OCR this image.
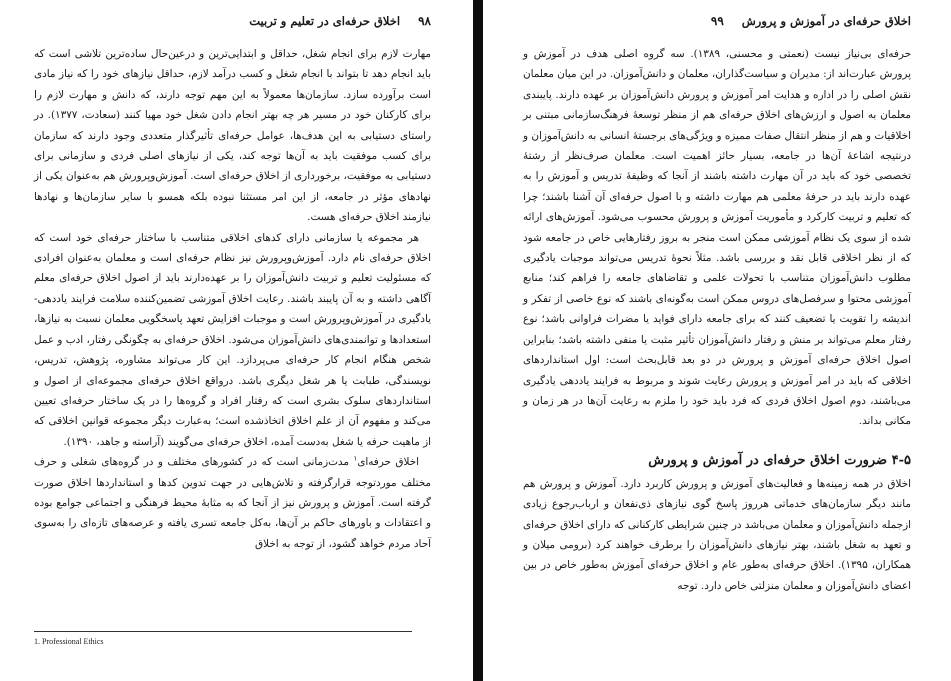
۹۸
اخلاق حرفه‌ای در تعلیم و تربیت

مهارت لازم برای انجام شغل، حداقل و ابتدایی‌ترین و درعین‌حال ساده‌ترین تلاشی است که باید انجام دهد تا بتواند با انجام شغل و کسب درآمد لازم، حداقل نیازهای خود را که نیاز مادی است برآورده سازد. سازمان‌ها معمولاً به این مهم توجه دارند، که دانش و مهارت لازم را برای کارکنان خود در مسیر هر چه بهتر انجام دادن شغل خود مهیا کنند (سعادت، ۱۳۷۷). در راستای دستیابی به این هدف‌ها، عوامل حرفه‌ای تأثیرگذار متعددی وجود دارند که سازمان برای کسب موفقیت باید به آن‌ها توجه کند، یکی از نیازهای اصلی فردی و سازمانی برای دستیابی به موفقیت، برخورداری از اخلاق حرفه‌ای است. آموزش‌وپرورش هم به‌عنوان یکی از نهادهای مؤثر در جامعه، از این امر مستثنا نبوده بلکه همسو با سایر سازمان‌ها و نهادها نیازمند اخلاق حرفه‌ای هست.

هر مجموعه یا سازمانی دارای کدهای اخلاقی متناسب با ساختار حرفه‌ای خود است که اخلاق حرفه‌ای نام دارد. آموزش‌وپرورش نیز نظام حرفه‌ای است و معلمان به‌عنوان افرادی که مسئولیت تعلیم و تربیت دانش‌آموزان را بر عهده‌دارند باید از اصول اخلاق حرفه‌ای معلم آگاهی داشته و به آن پایبند باشند. رعایت اخلاق آموزشی تضمین‌کننده سلامت فرایند یاددهی-یادگیری در آموزش‌وپرورش است و موجبات افزایش تعهد پاسخگویی معلمان نسبت به نیازها، استعدادها و توانمندی‌های دانش‌آموزان می‌شود. اخلاق حرفه‌ای به چگونگی رفتار، ادب و عمل شخص هنگام انجام کار حرفه‌ای می‌پردازد. این کار می‌تواند مشاوره، پژوهش، تدریس، نویسندگی، طبابت یا هر شغل دیگری باشد. درواقع اخلاق حرفه‌ای مجموعه‌ای از اصول و استانداردهای سلوک بشری است که رفتار افراد و گروه‌ها را در یک ساختار حرفه‌ای تعیین می‌کند و مفهوم آن از علم اخلاق اتخاذشده است؛ به‌عبارت دیگر مجموعه قوانین اخلاقی که از ماهیت حرفه یا شغل به‌دست آمده، اخلاق حرفه‌ای می‌گویند (آراسته و جاهد، ۱۳۹۰).

اخلاق حرفه‌ای$^۱$ مدت‌زمانی است که در کشورهای مختلف و در گروه‌های شغلی و حرف مختلف موردتوجه قرارگرفته و تلاش‌هایی در جهت تدوین کدها و استانداردها اخلاق صورت گرفته است. آموزش و پرورش نیز از آنجا که به مثابهٔ محیط فرهنگی و اجتماعی جوامع بوده و اعتقادات و باورهای حاکم بر آن‌ها، به‌کل جامعه تسری یافته و عرصه‌های تازه‌ای را به‌سوی آحاد مردم خواهد گشود، از توجه به اخلاق

1. Professional Ethics
اخلاق حرفه‌ای در آموزش و پرورش
۹۹

حرفه‌ای بی‌نیاز نیست (نعمتی و محسنی، ۱۳۸۹). سه گروه اصلی هدف در آموزش و پرورش عبارت‌اند از: مدیران و سیاست‌گذاران، معلمان و دانش‌آموزان. در این میان معلمان نقش اصلی را در اداره و هدایت امر آموزش و پرورش دانش‌آموزان بر عهده دارند. پایبندی معلمان به اصول و ارزش‌های اخلاق حرفه‌ای هم از منظر توسعهٔ فرهنگ‌سازمانی مبتنی بر اخلاقیات و هم از منظر انتقال صفات ممیزه و ویژگی‌های برجستهٔ انسانی به دانش‌آموزان و درنتیجه اشاعهٔ آن‌ها در جامعه، بسیار حائز اهمیت است. معلمان صرف‌نظر از رشتهٔ تخصصی خود که باید در آن مهارت داشته باشند از آنجا که وظیفهٔ تدریس و آموزش را به عهده دارند باید در حرفهٔ معلمی هم مهارت داشته و با اصول حرفه‌ای آن آشنا باشند؛ چرا که تعلیم و تربیت کارکرد و مأموریت آموزش و پرورش محسوب می‌شود. آموزش‌های ارائه شده از سوی یک نظام آموزشی ممکن است منجر به بروز رفتارهایی خاص در جامعه شود که از نظر اخلاقی قابل نقد و بررسی باشد. مثلاً نحوهٔ تدریس می‌تواند موجبات یادگیری مطلوب دانش‌آموزان متناسب با تحولات علمی و تقاضاهای جامعه را فراهم کند؛ منابع آموزشی محتوا و سرفصل‌های دروس ممکن است به‌گونه‌ای باشند که نوع خاصی از تفکر و اندیشه را تقویت یا تضعیف کنند که برای جامعه دارای فواید یا مضرات فراوانی باشد؛ نوع رفتار معلم می‌تواند بر منش و رفتار دانش‌آموزان تأثیر مثبت یا منفی داشته باشد؛ بنابراین اصول اخلاق حرفه‌ای آموزش و پرورش در دو بعد قابل‌بحث است: اول استانداردهای اخلاقی که باید در امر آموزش و پرورش رعایت شوند و مربوط به فرایند یاددهی یادگیری می‌باشند، دوم اصول اخلاق فردی که فرد باید خود را ملزم به رعایت آن‌ها در هر زمان و مکانی بداند.

۴-۵ ضرورت اخلاق حرفه‌ای در آموزش و پرورش

اخلاق در همه زمینه‌ها و فعالیت‌های آموزش و پرورش کاربرد دارد. آموزش و پرورش هم مانند دیگر سازمان‌های خدماتی هرروز پاسخ گوی نیازهای ذی‌نفعان و ارباب‌رجوع زیادی ازجمله دانش‌آموزان و معلمان می‌باشد در چنین شرایطی کارکنانی که دارای اخلاق حرفه‌ای و تعهد به شغل باشند، بهتر نیازهای دانش‌آموزان را برطرف خواهند کرد (برومی میلان و همکاران، ۱۳۹۵). اخلاق حرفه‌ای به‌طور عام و اخلاق حرفه‌ای آموزش به‌طور خاص در بین اعضای دانش‌آموزان و معلمان منزلتی خاص دارد. توجه
